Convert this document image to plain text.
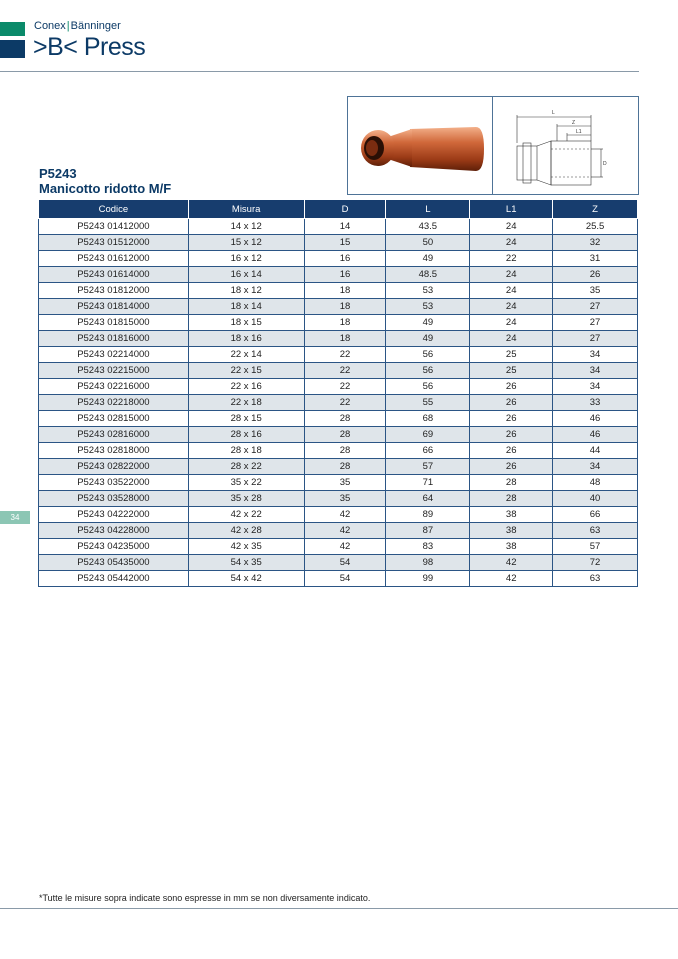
Conex|Bänninger
>B< Press
L
Z
L1
D
P5243
Manicotto ridotto M/F
Codice	Misura	D	L	L1	Z
P5243 01412000	14 x 12	14	43.5	24	25.5
P5243 01512000	15 x 12	15	50	24	32
P5243 01612000	16 x 12	16	49	22	31
P5243 01614000	16 x 14	16	48.5	24	26
P5243 01812000	18 x 12	18	53	24	35
P5243 01814000	18 x 14	18	53	24	27
P5243 01815000	18 x 15	18	49	24	27
P5243 01816000	18 x 16	18	49	24	27
P5243 02214000	22 x 14	22	56	25	34
P5243 02215000	22 x 15	22	56	25	34
P5243 02216000	22 x 16	22	56	26	34
P5243 02218000	22 x 18	22	55	26	33
P5243 02815000	28 x 15	28	68	26	46
P5243 02816000	28 x 16	28	69	26	46
P5243 02818000	28 x 18	28	66	26	44
P5243 02822000	28 x 22	28	57	26	34
P5243 03522000	35 x 22	35	71	28	48
P5243 03528000	35 x 28	35	64	28	40
P5243 04222000	42 x 22	42	89	38	66
P5243 04228000	42 x 28	42	87	38	63
P5243 04235000	42 x 35	42	83	38	57
P5243 05435000	54 x 35	54	98	42	72
P5243 05442000	54 x 42	54	99	42	63
34
*Tutte le misure sopra indicate sono espresse in mm se non diversamente indicato.
